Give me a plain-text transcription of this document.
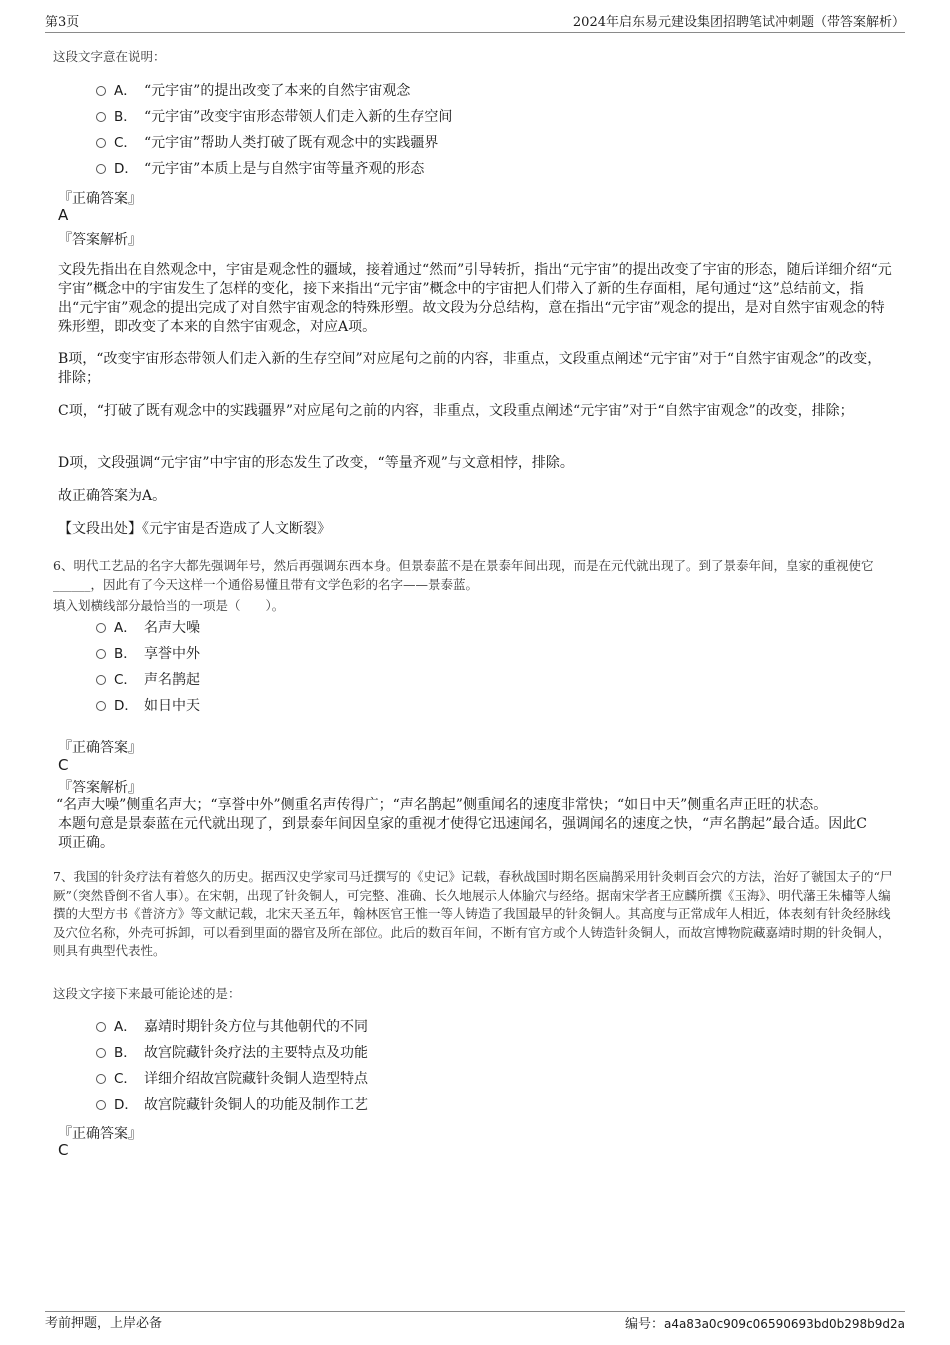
第3页	2024年启东易元建设集团招聘笔试冲刺题（带答案解析）
这段文字意在说明：
A． “元宇宙”的提出改变了本来的自然宇宙观念
B． “元宇宙”改变宇宙形态带领人们走入新的生存空间
C． “元宇宙”帮助人类打破了既有观念中的实践疆界
D． “元宇宙”本质上是与自然宇宙等量齐观的形态
『正确答案』
A
『答案解析』
文段先指出在自然观念中，宇宙是观念性的疆域，接着通过“然而”引导转折，指出“元宇宙”的提出改变了宇宙的形态，随后详细介绍“元宇宙”概念中的宇宙发生了怎样的变化，接下来指出“元宇宙”概念中的宇宙把人们带入了新的生存面相，尾句通过“这”总结前文，指出“元宇宙”观念的提出完成了对自然宇宙观念的特殊形塑。故文段为分总结构，意在指出“元宇宙”观念的提出，是对自然宇宙观念的特殊形塑，即改变了本来的自然宇宙观念，对应A项。
B项，“改变宇宙形态带领人们走入新的生存空间”对应尾句之前的内容，非重点，文段重点阐述“元宇宙”对于“自然宇宙观念”的改变，排除；
C项，“打破了既有观念中的实践疆界”对应尾句之前的内容，非重点，文段重点阐述“元宇宙”对于“自然宇宙观念”的改变，排除；
D项，文段强调“元宇宙”中宇宙的形态发生了改变，“等量齐观”与文意相悖，排除。
故正确答案为A。
【文段出处】《元宇宙是否造成了人文断裂》
6、明代工艺品的名字大都先强调年号，然后再强调东西本身。但景泰蓝不是在景泰年间出现，而是在元代就出现了。到了景泰年间，皇家的重视使它______，因此有了今天这样一个通俗易懂且带有文学色彩的名字——景泰蓝。
填入划横线部分最恰当的一项是（　　）。
A． 名声大噪
B． 享誉中外
C． 声名鹊起
D． 如日中天
『正确答案』
C
『答案解析』
“名声大噪”侧重名声大；“享誉中外”侧重名声传得广；“声名鹊起”侧重闻名的速度非常快；“如日中天”侧重名声正旺的状态。
本题句意是景泰蓝在元代就出现了，到景泰年间因皇家的重视才使得它迅速闻名，强调闻名的速度之快，“声名鹊起”最合适。因此C项正确。
7、我国的针灸疗法有着悠久的历史。据西汉史学家司马迁撰写的《史记》记载，春秋战国时期名医扁鹊采用针灸刺百会穴的方法，治好了虢国太子的“尸厥”（突然昏倒不省人事）。在宋朝，出现了针灸铜人，可完整、准确、长久地展示人体腧穴与经络。据南宋学者王应麟所撰《玉海》、明代藩王朱橚等人编撰的大型方书《普济方》等文献记载，北宋天圣五年，翰林医官王惟一等人铸造了我国最早的针灸铜人。其高度与正常成年人相近，体表刻有针灸经脉线及穴位名称，外壳可拆卸，可以看到里面的器官及所在部位。此后的数百年间，不断有官方或个人铸造针灸铜人，而故宫博物院藏嘉靖时期的针灸铜人，则具有典型代表性。
这段文字接下来最可能论述的是：
A． 嘉靖时期针灸方位与其他朝代的不同
B． 故宫院藏针灸疗法的主要特点及功能
C． 详细介绍故宫院藏针灸铜人造型特点
D． 故宫院藏针灸铜人的功能及制作工艺
『正确答案』
C
考前押题，上岸必备	编号：a4a83a0c909c06590693bd0b298b9d2a
